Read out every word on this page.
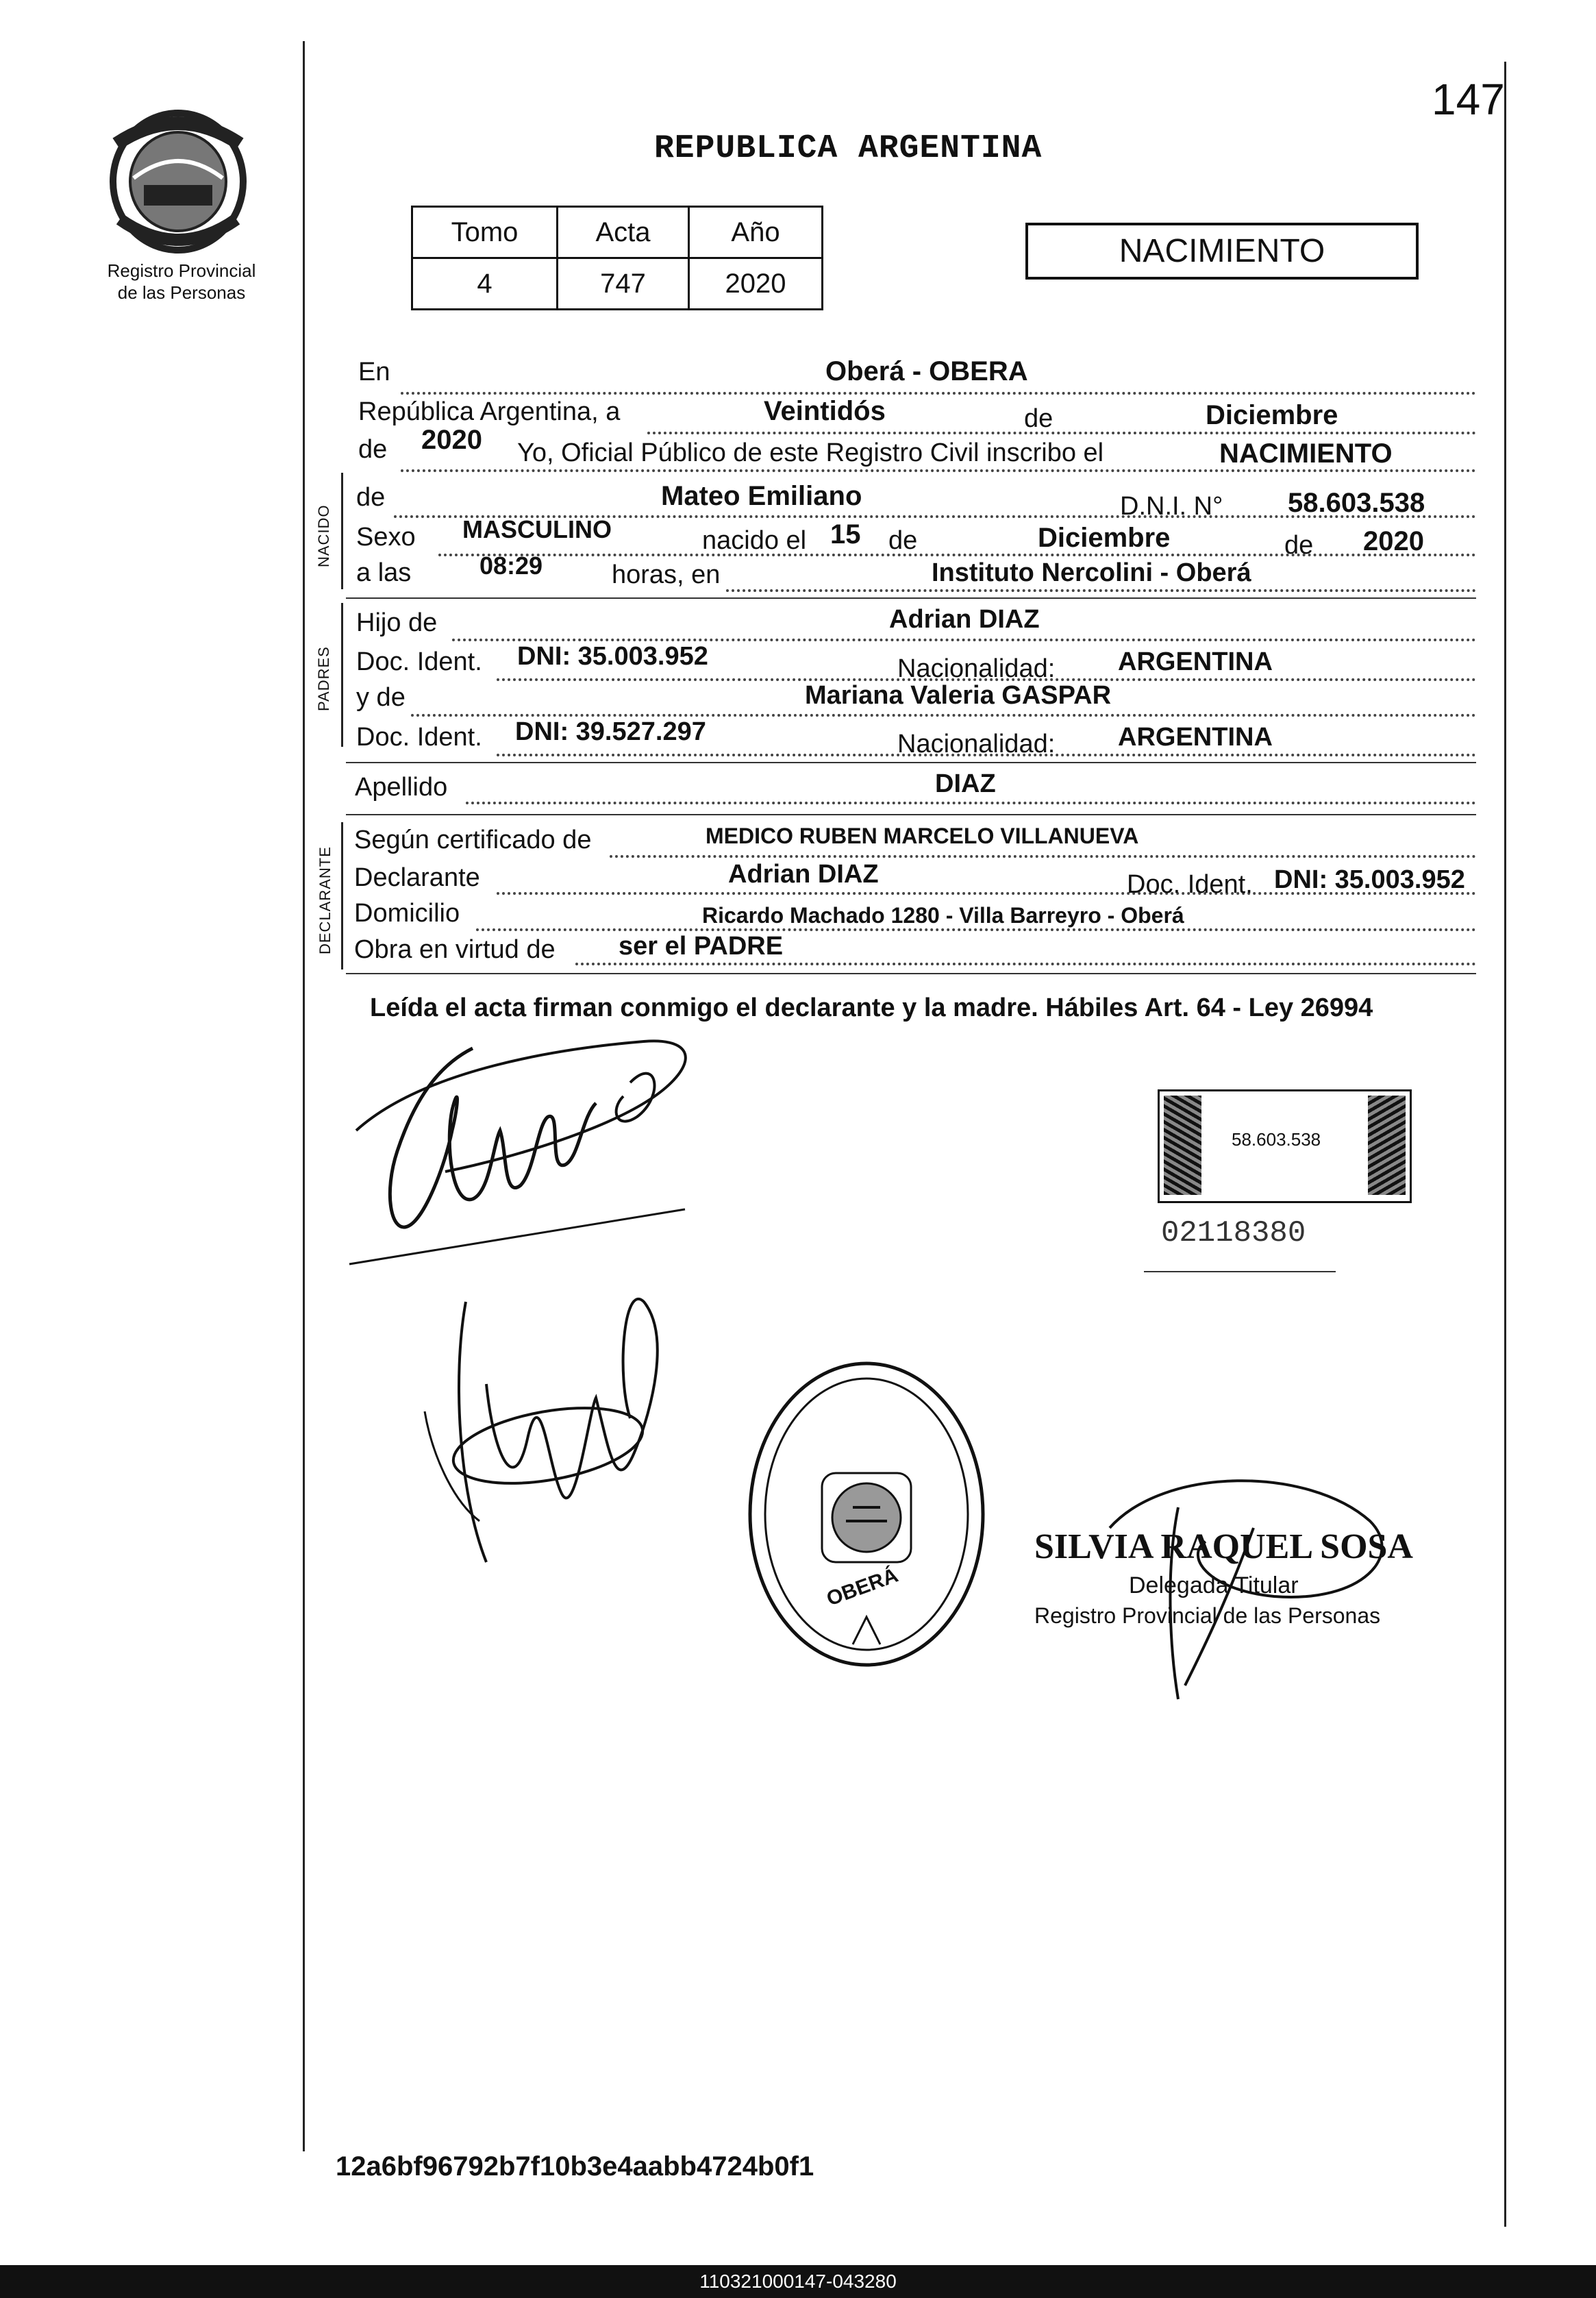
147
Registro Provincial
de las Personas
REPUBLICA ARGENTINA
Tomo	Acta	Año
4	747	2020
NACIMIENTO
En	Oberá - OBERA
República Argentina, a	Veintidós	de	Diciembre
de 2020 Yo, Oficial Público de este Registro Civil inscribo el	NACIMIENTO
NACIDO
de	Mateo Emiliano	D.N.I. N° 58.603.538
Sexo MASCULINO	nacido el 15 de	Diciembre	de 2020
a las	08:29	horas, en	Instituto Nercolini - Oberá
PADRES
Hijo de	Adrian DIAZ
Doc. Ident. DNI: 35.003.952	Nacionalidad: ARGENTINA
y de	Mariana Valeria GASPAR
Doc. Ident. DNI: 39.527.297	Nacionalidad: ARGENTINA
Apellido	DIAZ
DECLARANTE
Según certificado de	MEDICO RUBEN MARCELO VILLANUEVA
Declarante	Adrian DIAZ	Doc. Ident. DNI: 35.003.952
Domicilio	Ricardo Machado 1280 - Villa Barreyro - Oberá
Obra en virtud de ser el PADRE
Leída el acta firman conmigo el declarante y la madre. Hábiles Art. 64 - Ley 26994
58.603.538
02118380
OBERÁ
SILVIA RAQUEL SOSA
Delegada Titular
Registro Provincial de las Personas
12a6bf96792b7f10b3e4aabb4724b0f1
110321000147-043280
